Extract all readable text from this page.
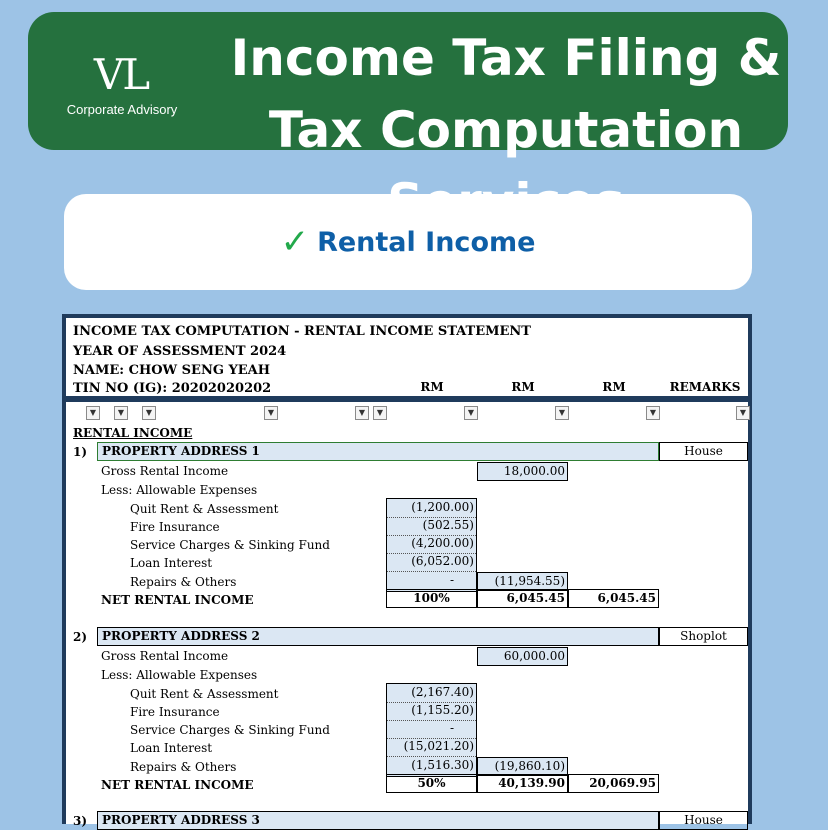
VL
Corporate Advisory
Income Tax Filing & Tax Computation
✓ Rental Income
INCOME TAX COMPUTATION - RENTAL INCOME STATEMENT
YEAR OF ASSESSMENT 2024
NAME: CHOW SENG YEAH
TIN NO (IG): 20202020202	RM	RM	RM	REMARKS
▼	▼	▼	▼	▼	▼	▼	▼	▼	▼
RENTAL INCOME
1)	PROPERTY ADDRESS 1	House
Gross Rental Income	18,000.00
Less: Allowable Expenses
Quit Rent & Assessment	(1,200.00)
Fire Insurance	(502.55)
Service Charges & Sinking Fund	(4,200.00)
Loan Interest	(6,052.00)
Repairs & Others	-	(11,954.55)
NET RENTAL INCOME	100%	6,045.45	6,045.45
2)	PROPERTY ADDRESS 2	Shoplot
Gross Rental Income	60,000.00
Less: Allowable Expenses
Quit Rent & Assessment	(2,167.40)
Fire Insurance	(1,155.20)
Service Charges & Sinking Fund	-
Loan Interest	(15,021.20)
Repairs & Others	(1,516.30)	(19,860.10)
NET RENTAL INCOME	50%	40,139.90	20,069.95
3)	PROPERTY ADDRESS 3	House
